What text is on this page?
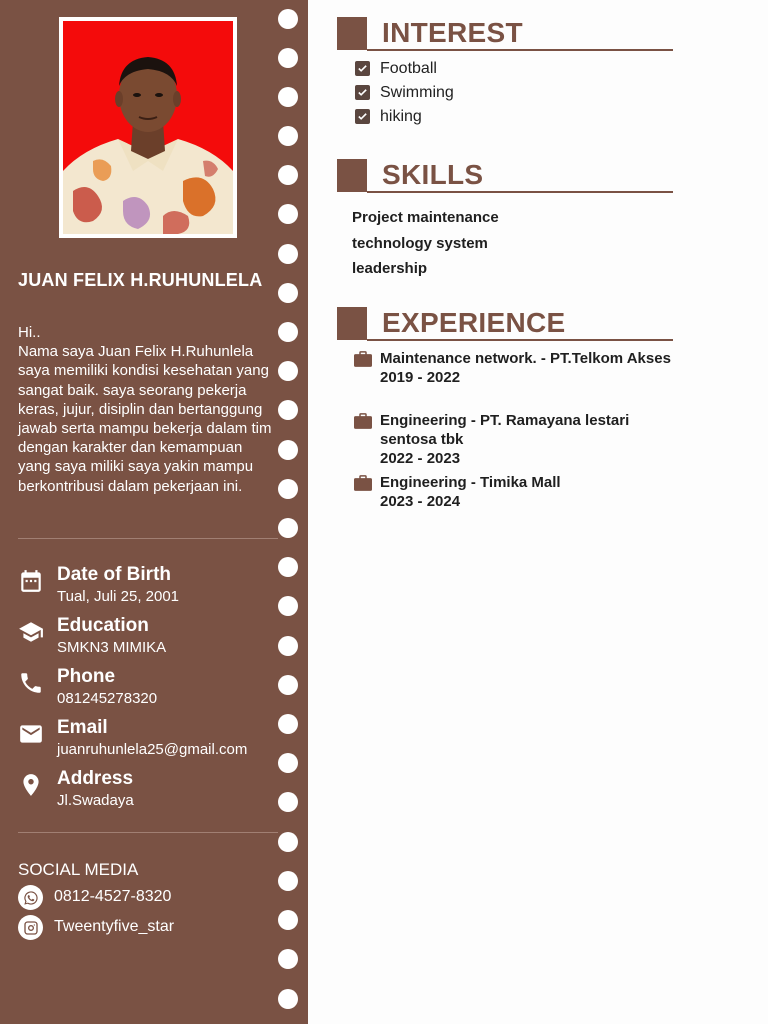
JUAN FELIX H.RUHUNLELA
Hi..
Nama saya Juan Felix H.Ruhunlela saya memiliki kondisi kesehatan yang sangat baik. saya seorang pekerja keras, jujur, disiplin dan bertanggung jawab serta mampu bekerja dalam tim dengan karakter dan kemampuan yang saya miliki saya yakin mampu berkontribusi dalam pekerjaan ini.
Date of Birth
Tual, Juli 25, 2001
Education
SMKN3 MIMIKA
Phone
081245278320
Email
juanruhunlela25@gmail.com
Address
Jl.Swadaya
SOCIAL MEDIA
0812-4527-8320
Tweentyfive_star
INTEREST
Football
Swimming
hiking
SKILLS
Project maintenance
technology system
leadership
EXPERIENCE
Maintenance network. - PT.Telkom Akses
2019 - 2022
Engineering - PT. Ramayana lestari sentosa tbk
2022 - 2023
Engineering - Timika Mall
2023 - 2024
